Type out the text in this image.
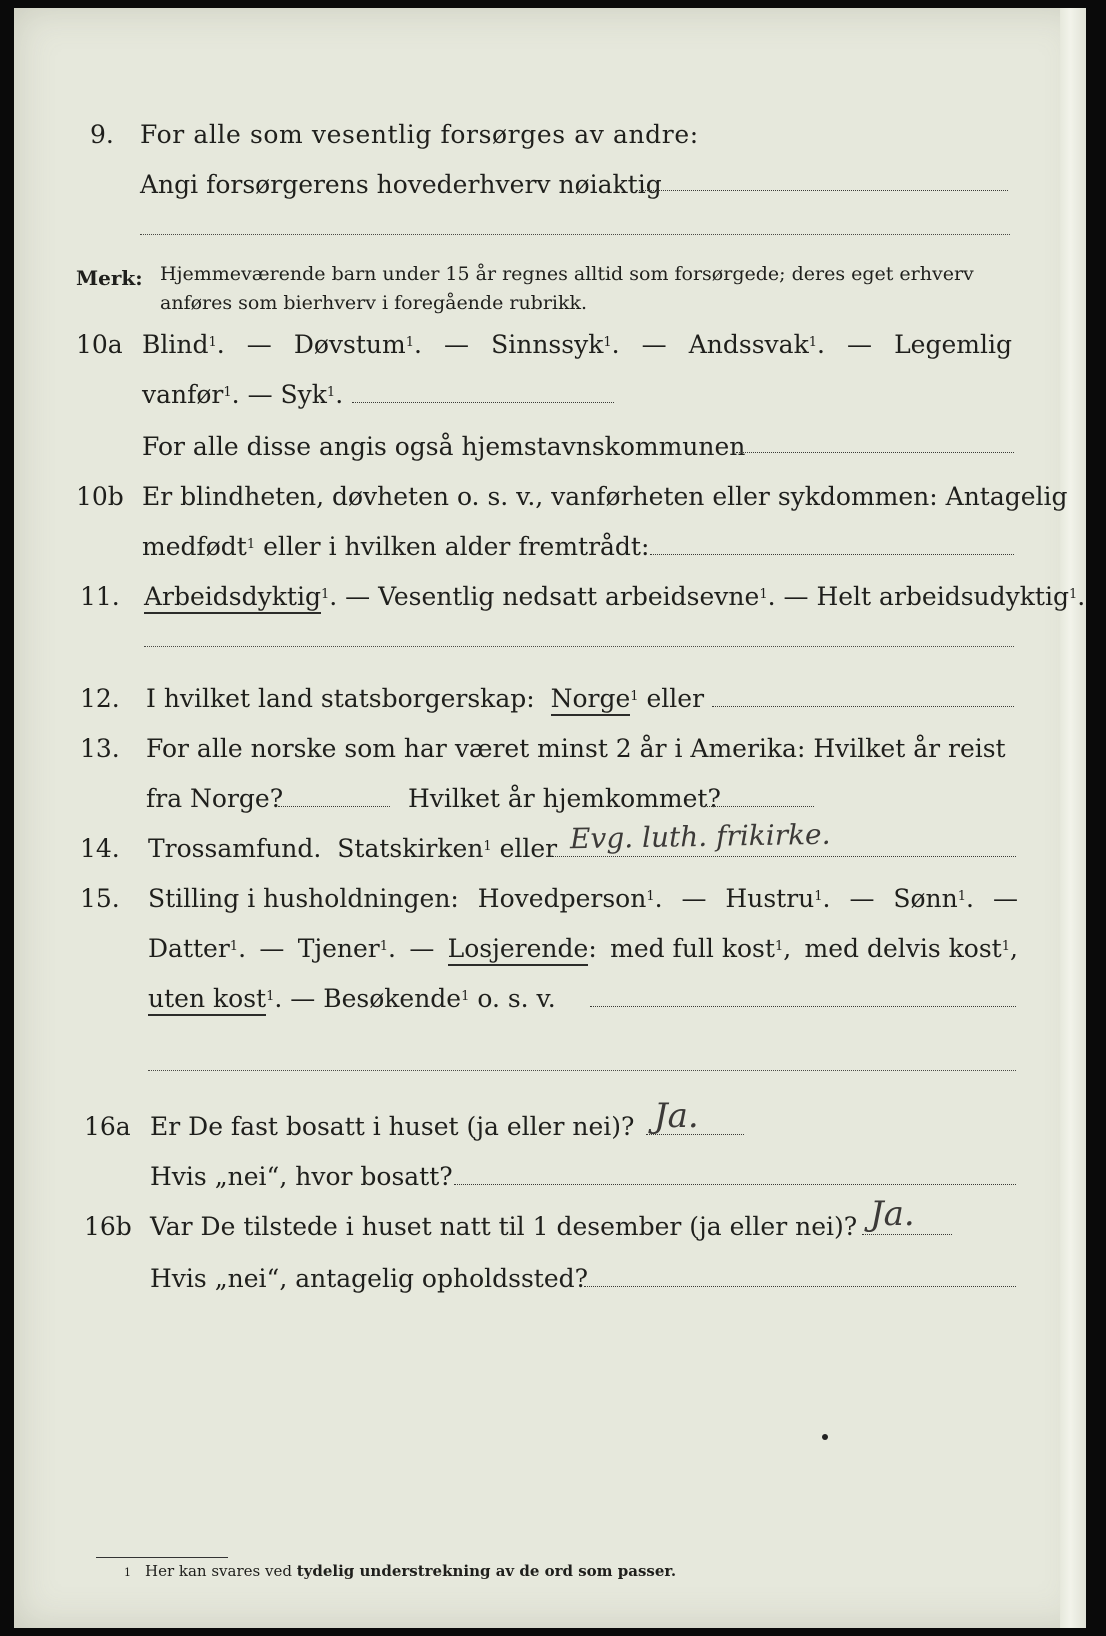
9. For alle som vesentlig forsørges av andre:
Angi forsørgerens hovederhverv nøiaktig
Merk: Hjemmeværende barn under 15 år regnes alltid som forsørgede; deres eget erhverv
anføres som bierhverv i foregående rubrikk.
10a Blind$^1$. — Døvstum$^1$. — Sinnssyk$^1$. — Andssvak$^1$. — Legemlig
vanfør$^1$. — Syk$^1$.
For alle disse angis også hjemstavnskommunen
10b Er blindheten, døvheten o. s. v., vanførheten eller sykdommen: Antagelig
medfødt$^1$ eller i hvilken alder fremtrådt:
11. Arbeidsdyktig$^1$. — Vesentlig nedsatt arbeidsevne$^1$. — Helt arbeidsudyktig$^1$.
12. I hvilket land statsborgerskap: Norge$^1$ eller
13. For alle norske som har været minst 2 år i Amerika: Hvilket år reist
fra Norge?	Hvilket år hjemkommet?
14. Trossamfund. Statskirken$^1$ eller Evg. luth. frikirke.
15. Stilling i husholdningen: Hovedperson$^1$. — Hustru$^1$. — Sønn$^1$. —
Datter$^1$. — Tjener$^1$. — Losjerende: med full kost$^1$, med delvis kost$^1$,
uten kost$^1$. — Besøkende$^1$ o. s. v.
16a Er De fast bosatt i huset (ja eller nei)? Ja.
Hvis „nei“, hvor bosatt?
16b Var De tilstede i huset natt til 1 desember (ja eller nei)? Ja.
Hvis „nei“, antagelig opholdssted?
1 Her kan svares ved tydelig understrekning av de ord som passer.
